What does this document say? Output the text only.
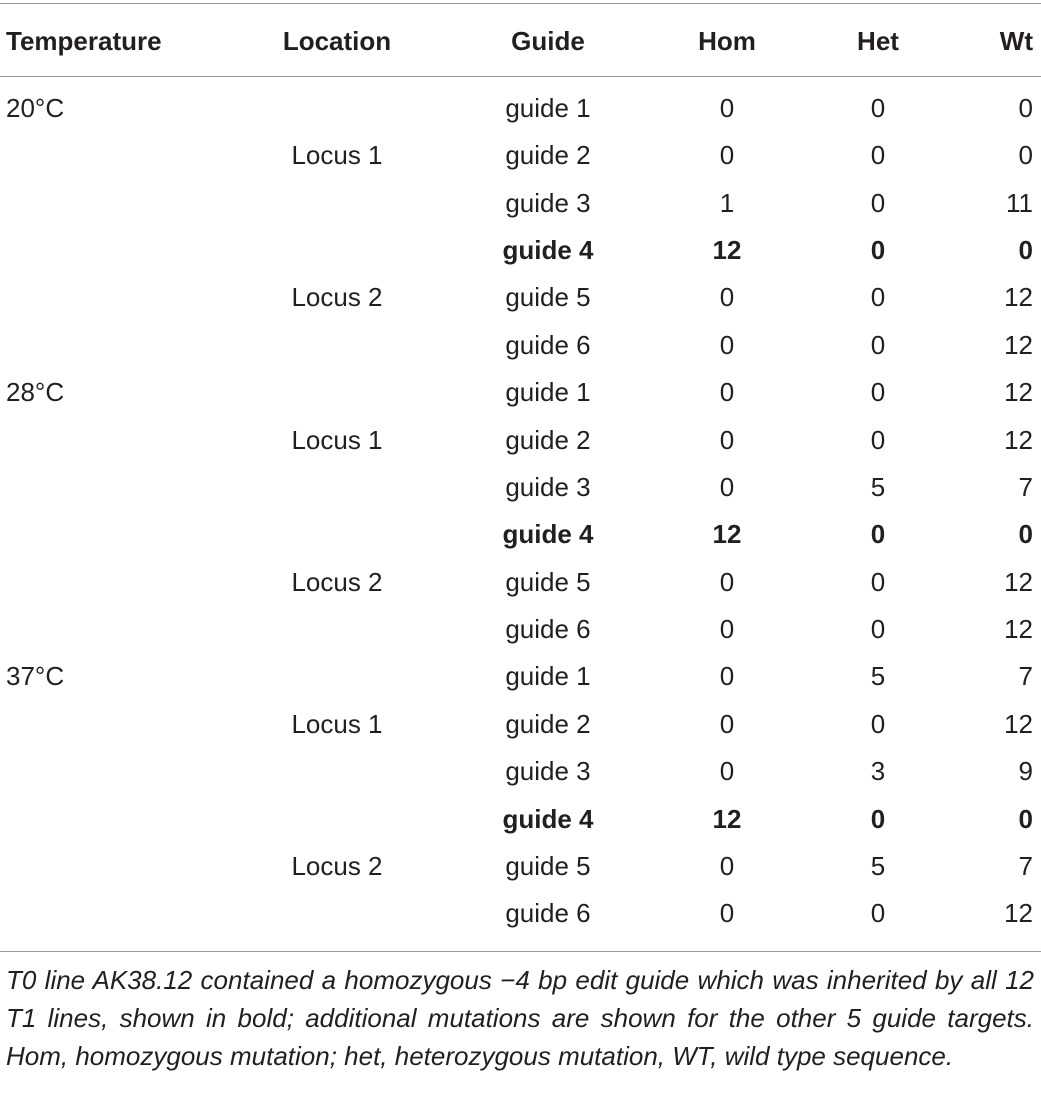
Temperature	Location	Guide	Hom	Het	Wt
20°C		guide 1	0	0	0
	Locus 1	guide 2	0	0	0
		guide 3	1	0	11
		guide 4	12	0	0
	Locus 2	guide 5	0	0	12
		guide 6	0	0	12
28°C		guide 1	0	0	12
	Locus 1	guide 2	0	0	12
		guide 3	0	5	7
		guide 4	12	0	0
	Locus 2	guide 5	0	0	12
		guide 6	0	0	12
37°C		guide 1	0	5	7
	Locus 1	guide 2	0	0	12
		guide 3	0	3	9
		guide 4	12	0	0
	Locus 2	guide 5	0	5	7
		guide 6	0	0	12

T0 line AK38.12 contained a homozygous −4 bp edit guide which was inherited by all 12 T1 lines, shown in bold; additional mutations are shown for the other 5 guide targets. Hom, homozygous mutation; het, heterozygous mutation, WT, wild type sequence.
